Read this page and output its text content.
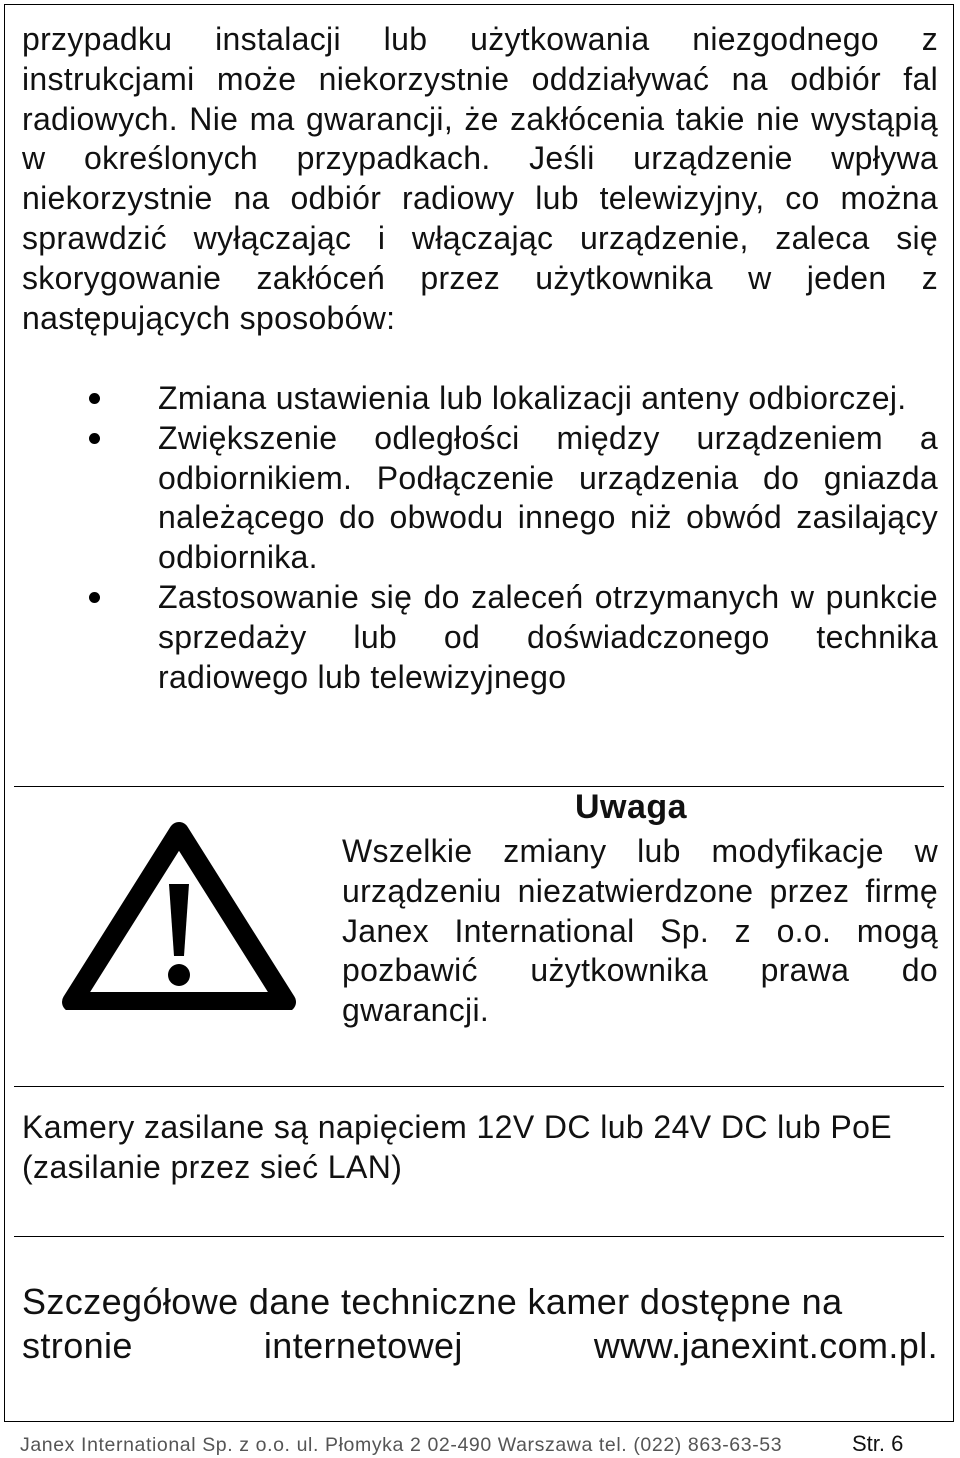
przypadku instalacji lub użytkowania niezgodnego z instrukcjami może niekorzystnie oddziaływać na odbiór fal radiowych. Nie ma gwarancji, że zakłócenia takie nie wystąpią w określonych przypadkach. Jeśli urządzenie wpływa niekorzystnie na odbiór radiowy lub telewizyjny, co można sprawdzić wyłączając i włączając urządzenie, zaleca się skorygowanie zakłóceń przez użytkownika w jeden z następujących sposobów:
Zmiana ustawienia lub lokalizacji anteny odbiorczej.
Zwiększenie odległości między urządzeniem a odbiornikiem. Podłączenie urządzenia do gniazda należącego do obwodu innego niż obwód zasilający odbiornika.
Zastosowanie się do zaleceń otrzymanych w punkcie sprzedaży lub od doświadczonego technika radiowego lub telewizyjnego
Uwaga
Wszelkie zmiany lub modyfikacje w urządzeniu niezatwierdzone przez firmę Janex International Sp. z o.o. mogą pozbawić użytkownika prawa do gwarancji.
Kamery zasilane są napięciem 12V DC lub 24V DC lub PoE (zasilanie przez sieć LAN)
Szczegółowe dane techniczne kamer dostępne na
stronie internetowej www.janexint.com.pl.
Janex International Sp. z o.o. ul. Płomyka 2 02-490 Warszawa tel. (022) 863-63-53	Str. 6
